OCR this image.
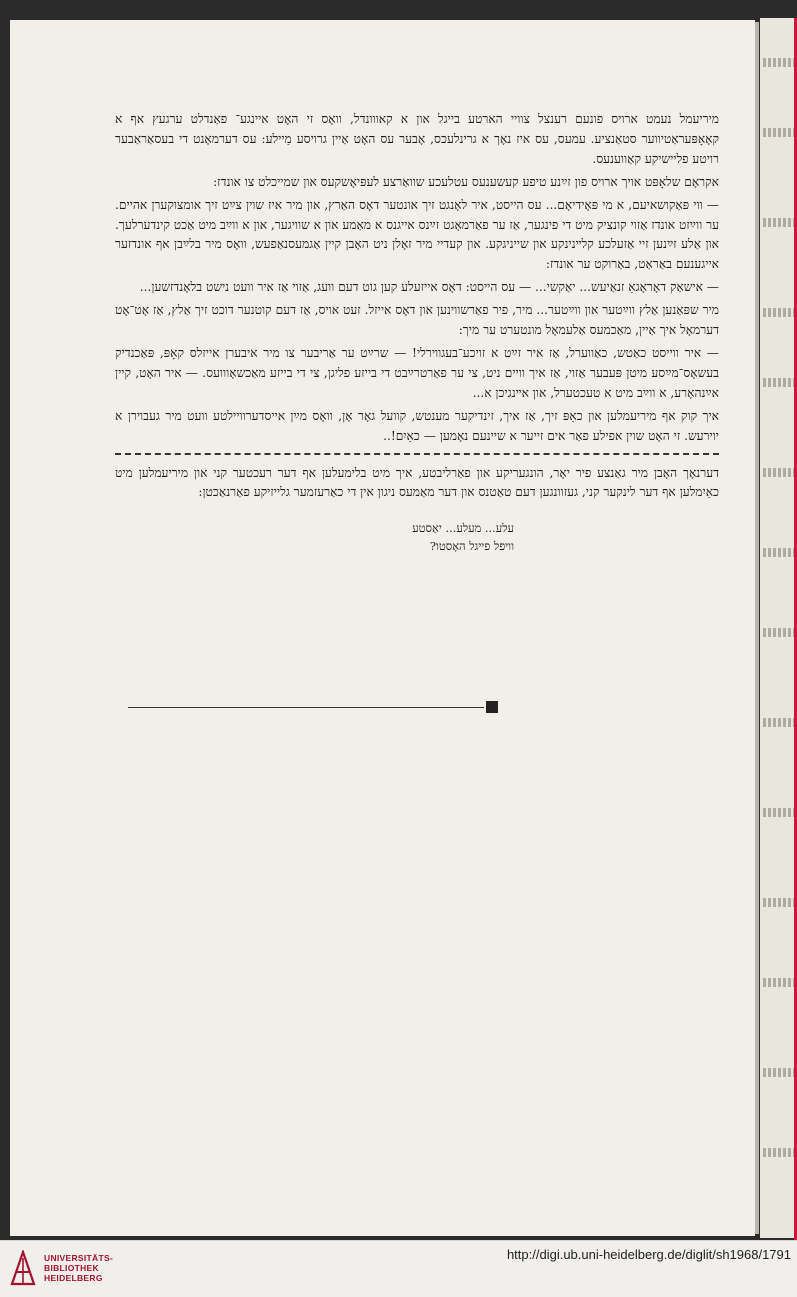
מיריעמל נעמט ארויס פונעם רענצל צוויי הארטע בייגל און א קאווונדל, וואָס זי האָט איינגע־ פאַנדלט ערגעץ אף א קאָאָפּעראַטיווער סטאַנציע. עמעס, עס איז נאָך א גרינלעכס, אָבער עס האָט אַיין גרויסע מַיילע: עס דערמאָנט די בעסאַראַבער רויטע פליישיקע קאַווענעס.

אקראָם שלאָפּט אויך ארויס פון זײַנע טיפע קעשענעס עטלעכע שוואַרצע לעפּיאָשקעס און שמייכלט צו אונדז:

— ווי פּאַקושאיעם, א מי פּאָידיאָם... עס הייסט, איר לאָנגט זיך אונטער דאָס האַרץ, און מיר איז שוין צײַט זיך אומצוקערן אהיים. ער ווײַזט אונדז אַזוי קונציק מיט די פינגער, אַז ער פאַרמאָגט זײַנס אייגנס א מאַמע און א שוויגער, און א ווײַב מיט אַכט קינדערלעך. און אַלע זײַנען זיי אַזעלכע קלײנינקע און שייניגקע. און קעדיי מיר זאָלן ניט האָבן קיין אַגמעסנאַפעש, וואָס מיר בלײַבן אף אונדזער אייגענעם באַראַט, באַרוקט ער אונדז:

— אישאַק דאָראָגאַ זנאַיעש... יאַקשי... — עס הייסט: דאָס אייזעלע קען גוט דעם וועג, אַזוי אַז איר וועט נישט בלאָנדזשען...

מיר שפּאַנען אַלץ ווײַטער און ווײַטער... מיר, פיר פאַרשווינען און דאָס אייזל. זעט אויס, אַז דעם קוטנער דוכט זיך אַלץ, אַז אָט־אָט דערמאָל איך אַיין, מאַכמעס אַלעמאָל מונטערט ער מיך:

— איר ווייסט כאַטש, כאַווערל, אַז איר זײַט א זויכע־בעגווירלי! — שרײַט ער אַריבער צו מיר איבערן אייזלס קאָפּ, פּאַכנדיק בעשאָס־מײַסע מיטן פּעבער אַזוי, אַז איך וויים ניט, צי ער פאַרטרײַבט די בייזע פליגן, צי די בייזע מאַכשאָווועס. — איר האָט, קיין אײַנהאָרע, א ווײַב מיט א טעכטערל, און אײנגיכן א...

איך קוק אף מיריעמלען און כאַפּ זיך, אַז איך, זינדיקער מענטש, קוועל גאָר אָן, וואָס מײַן אייסדערוויילטע וועט מיר געבוירן א יוירעש. זי האָט שוין אפילע פאַר אים זייער א שיינעם נאָמען — כאַיִם!..

דערנאָך האָבן מיר גאַנצע פיר יאָר, הונגעריקע און פאַרליבטע, איך מיט בלימעלען אף דער רעכטער קני און מיריעמלען מיט כאַיִמלען אף דער לינקער קני, געזוונגען דעם טאַטנס און דער מאַמעס ניגון אין די כאַרעזמער גלייזיקע פאַרנאַכטן:

עלע... מעלע... יאַסטע
וויפל פייגל האָסטו?
UNIVERSITÄTS-
BIBLIOTHEK
HEIDELBERG
http://digi.ub.uni-heidelberg.de/diglit/sh1968/1791
